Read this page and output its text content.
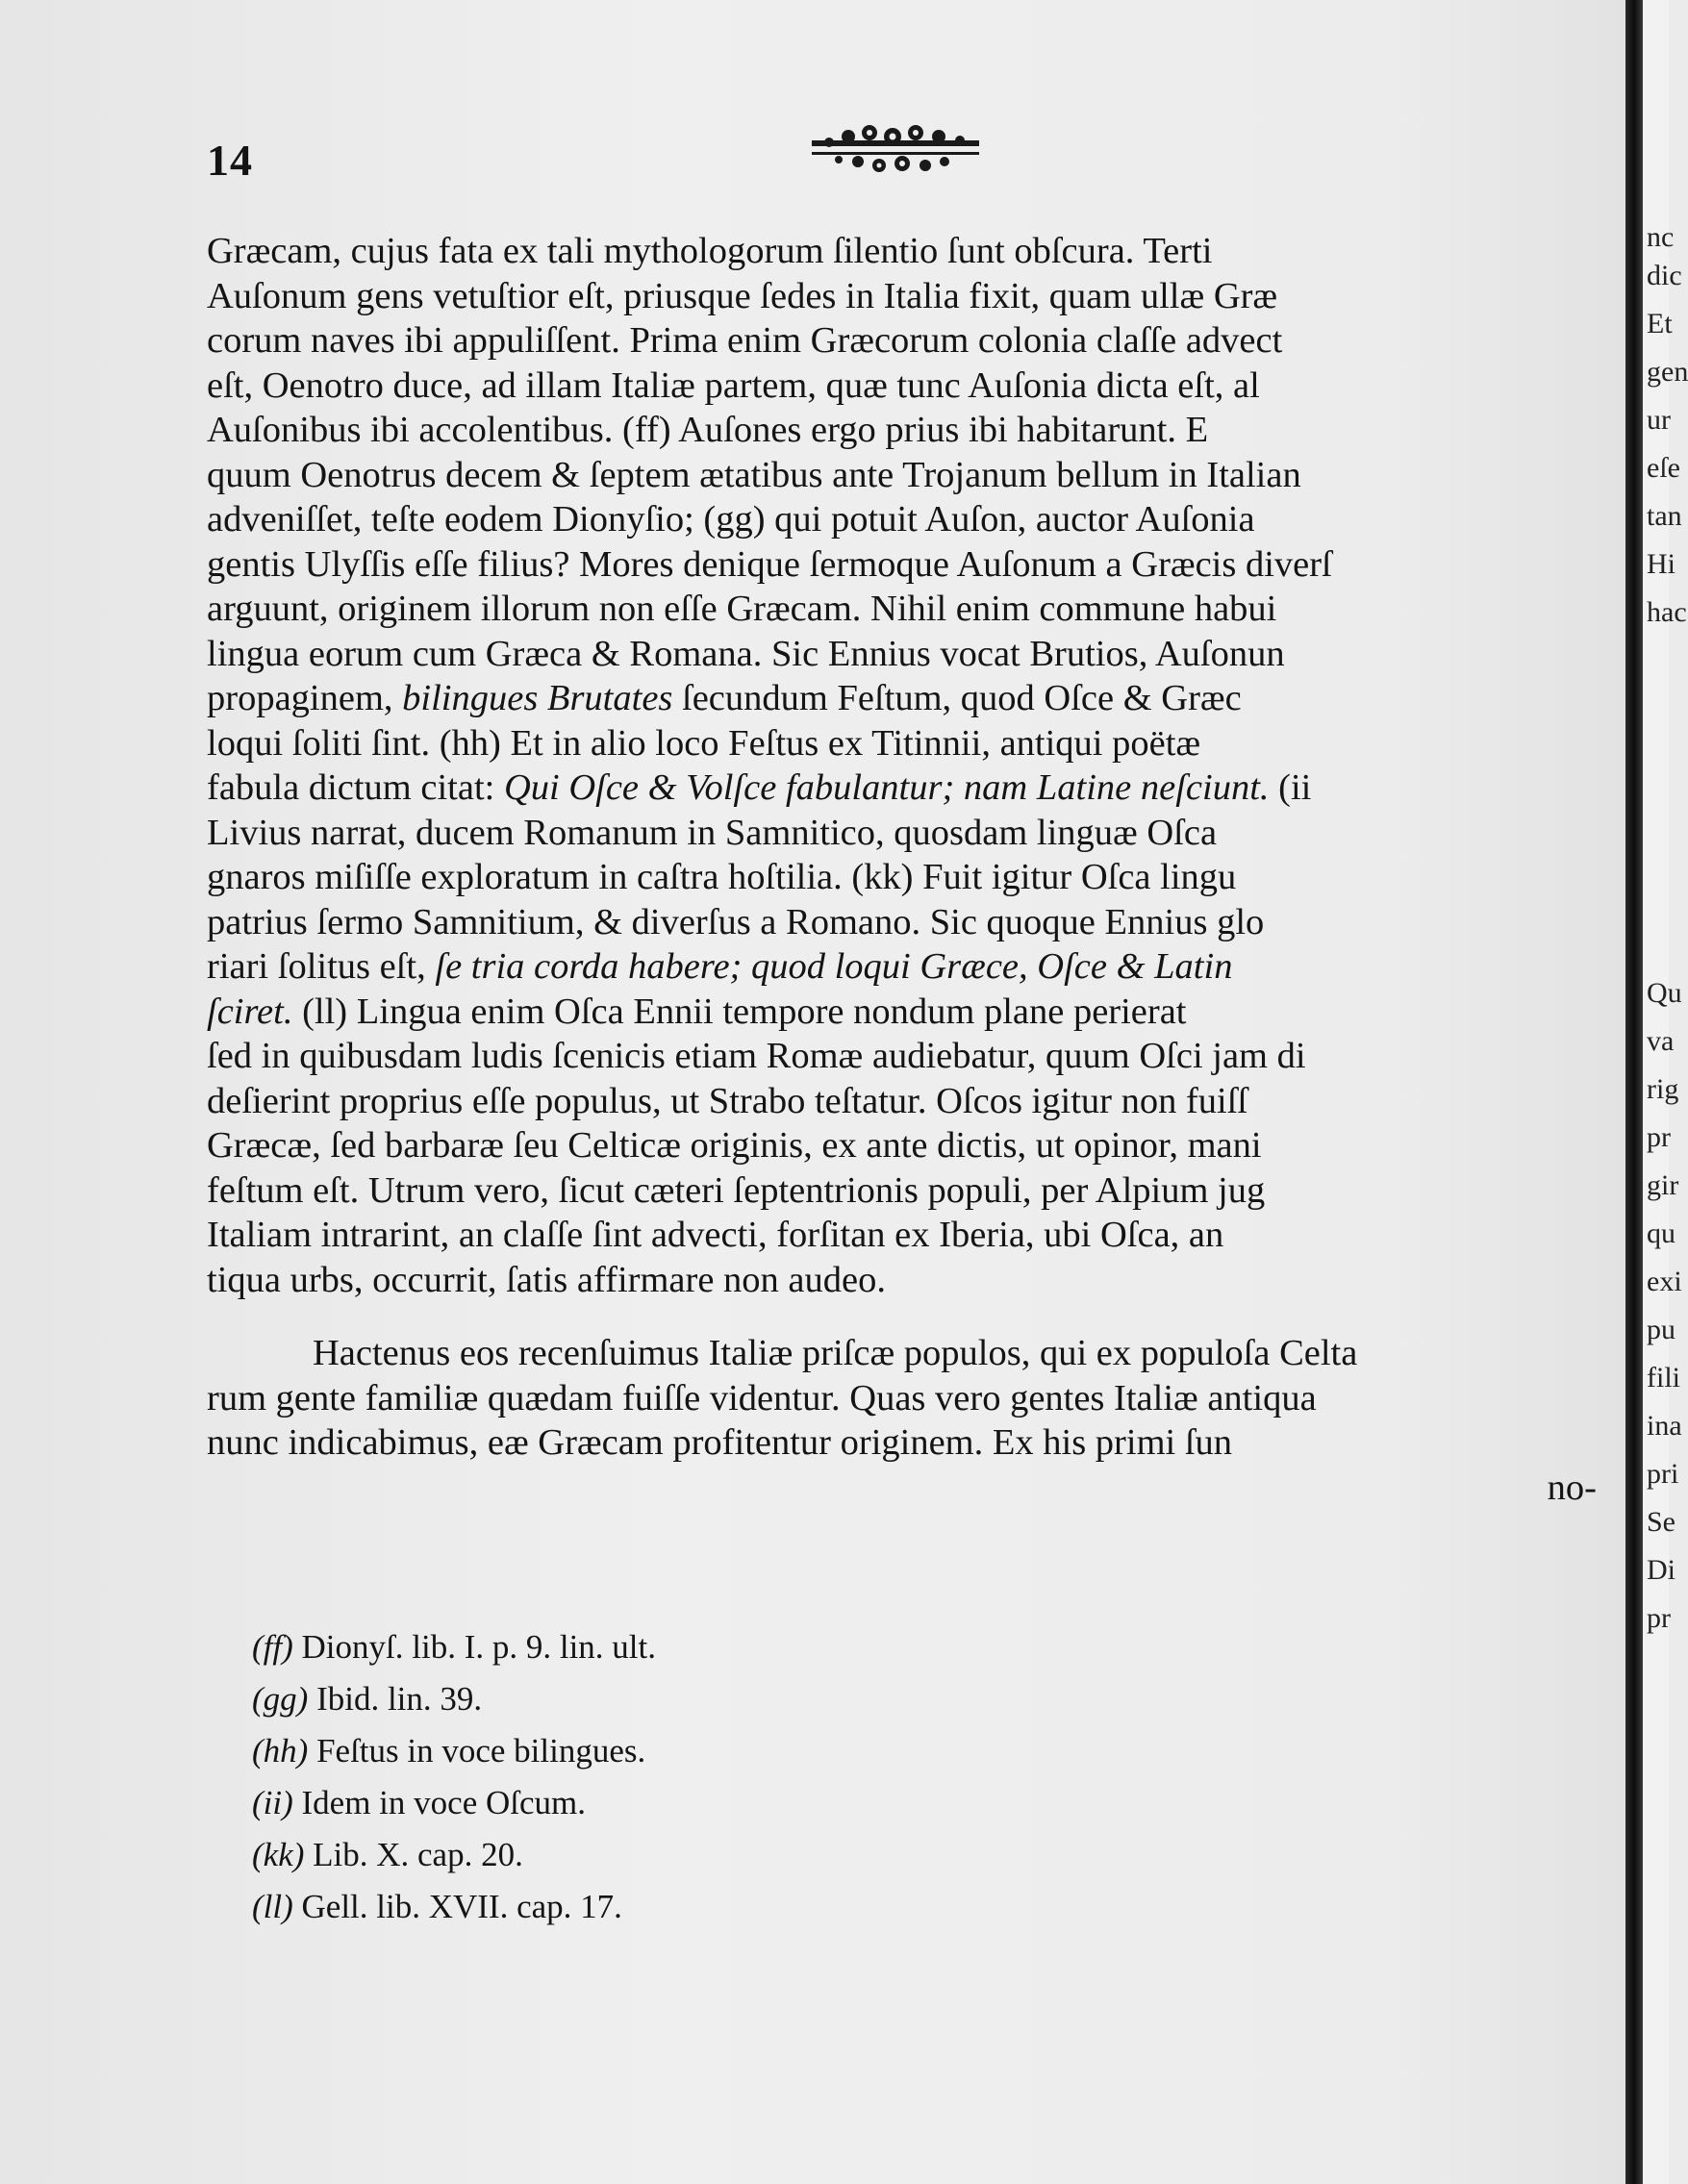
14
Græcam, cujus fata ex tali mythologorum ſilentio ſunt obſcura. Terti
Auſonum gens vetuſtior eſt, priusque ſedes in Italia fixit, quam ullæ Græ
corum naves ibi appuliſſent. Prima enim Græcorum colonia claſſe advect
eſt, Oenotro duce, ad illam Italiæ partem, quæ tunc Auſonia dicta eſt, al
Auſonibus ibi accolentibus. (ff) Auſones ergo prius ibi habitarunt. E
quum Oenotrus decem & ſeptem ætatibus ante Trojanum bellum in Italian
adveniſſet, teſte eodem Dionyſio; (gg) qui potuit Auſon, auctor Auſonia
gentis Ulyſſis eſſe filius? Mores denique ſermoque Auſonum a Græcis diverſ
arguunt, originem illorum non eſſe Græcam. Nihil enim commune habui
lingua eorum cum Græca & Romana. Sic Ennius vocat Brutios, Auſonun
propaginem, bilingues Brutates ſecundum Feſtum, quod Oſce & Græc
loqui ſoliti ſint. (hh) Et in alio loco Feſtus ex Titinnii, antiqui poëtæ
fabula dictum citat: Qui Oſce & Volſce fabulantur; nam Latine neſciunt. (ii
Livius narrat, ducem Romanum in Samnitico, quosdam linguæ Oſca
gnaros miſiſſe exploratum in caſtra hoſtilia. (kk) Fuit igitur Oſca lingu
patrius ſermo Samnitium, & diverſus a Romano. Sic quoque Ennius glo
riari ſolitus eſt, ſe tria corda habere; quod loqui Græce, Oſce & Latin
ſciret. (ll) Lingua enim Oſca Ennii tempore nondum plane perierat
ſed in quibusdam ludis ſcenicis etiam Romæ audiebatur, quum Oſci jam di
deſierint proprius eſſe populus, ut Strabo teſtatur. Oſcos igitur non fuiſſ
Græcæ, ſed barbaræ ſeu Celticæ originis, ex ante dictis, ut opinor, mani
feſtum eſt. Utrum vero, ſicut cæteri ſeptentrionis populi, per Alpium jug
Italiam intrarint, an claſſe ſint advecti, forſitan ex Iberia, ubi Oſca, an
tiqua urbs, occurrit, ſatis affirmare non audeo.
Hactenus eos recenſuimus Italiæ priſcæ populos, qui ex populoſa Celta
rum gente familiæ quædam fuiſſe videntur. Quas vero gentes Italiæ antiqua
nunc indicabimus, eæ Græcam profitentur originem. Ex his primi ſun
no-
(ff) Dionyſ. lib. I. p. 9. lin. ult.
(gg) Ibid. lin. 39.
(hh) Feſtus in voce bilingues.
(ii) Idem in voce Oſcum.
(kk) Lib. X. cap. 20.
(ll) Gell. lib. XVII. cap. 17.
nc
dic
Et
gen
ur
eſe
tan
Hi
hac
Qu
va
rig
pr
gir
qu
exi
pu
fili
ina
pri
Se
Di
pr
